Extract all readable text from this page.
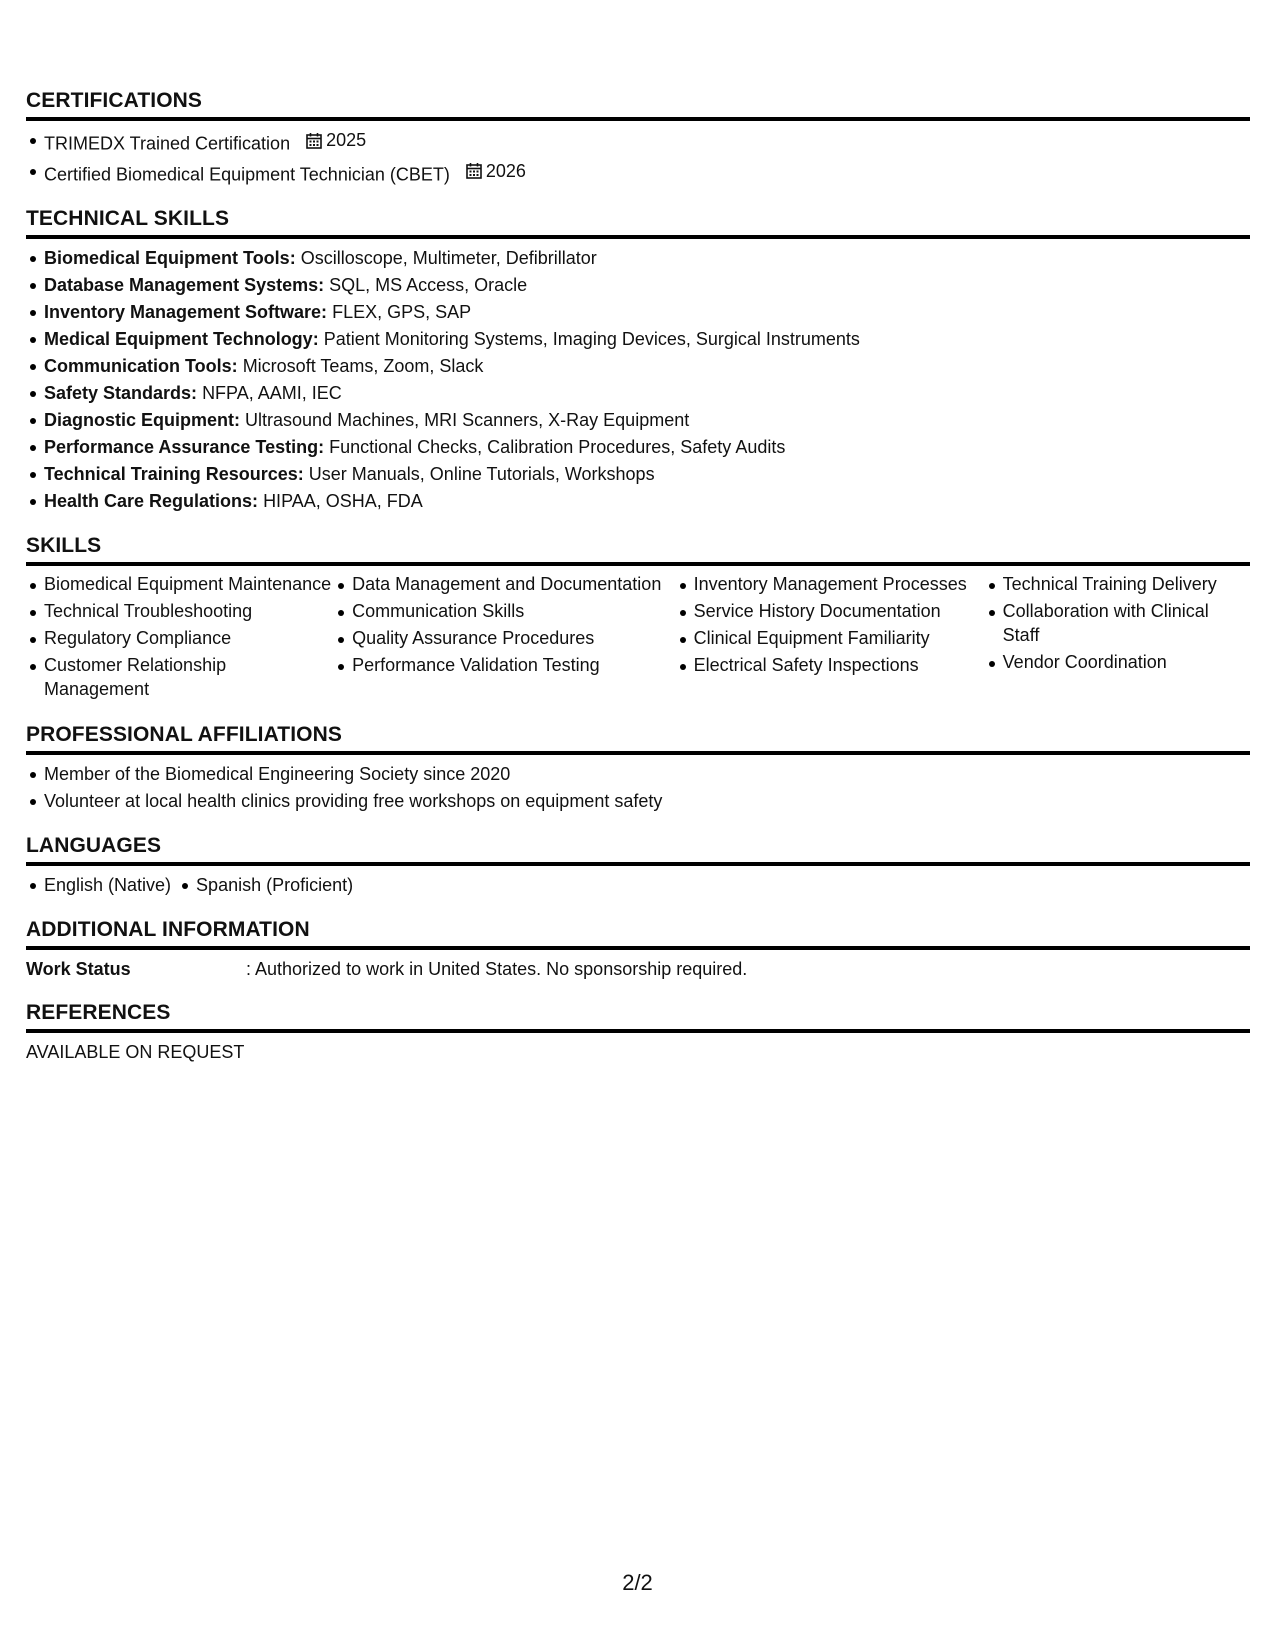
CERTIFICATIONS
TRIMEDX Trained Certification 2025
Certified Biomedical Equipment Technician (CBET) 2026
TECHNICAL SKILLS
Biomedical Equipment Tools: Oscilloscope, Multimeter, Defibrillator
Database Management Systems: SQL, MS Access, Oracle
Inventory Management Software: FLEX, GPS, SAP
Medical Equipment Technology: Patient Monitoring Systems, Imaging Devices, Surgical Instruments
Communication Tools: Microsoft Teams, Zoom, Slack
Safety Standards: NFPA, AAMI, IEC
Diagnostic Equipment: Ultrasound Machines, MRI Scanners, X-Ray Equipment
Performance Assurance Testing: Functional Checks, Calibration Procedures, Safety Audits
Technical Training Resources: User Manuals, Online Tutorials, Workshops
Health Care Regulations: HIPAA, OSHA, FDA
SKILLS
Biomedical Equipment Maintenance
Technical Troubleshooting
Regulatory Compliance
Customer Relationship Management
Data Management and Documentation
Communication Skills
Quality Assurance Procedures
Performance Validation Testing
Inventory Management Processes
Service History Documentation
Clinical Equipment Familiarity
Electrical Safety Inspections
Technical Training Delivery
Collaboration with Clinical Staff
Vendor Coordination
PROFESSIONAL AFFILIATIONS
Member of the Biomedical Engineering Society since 2020
Volunteer at local health clinics providing free workshops on equipment safety
LANGUAGES
English (Native) Spanish (Proficient)
ADDITIONAL INFORMATION
Work Status	: Authorized to work in United States. No sponsorship required.
REFERENCES
AVAILABLE ON REQUEST
2/2
